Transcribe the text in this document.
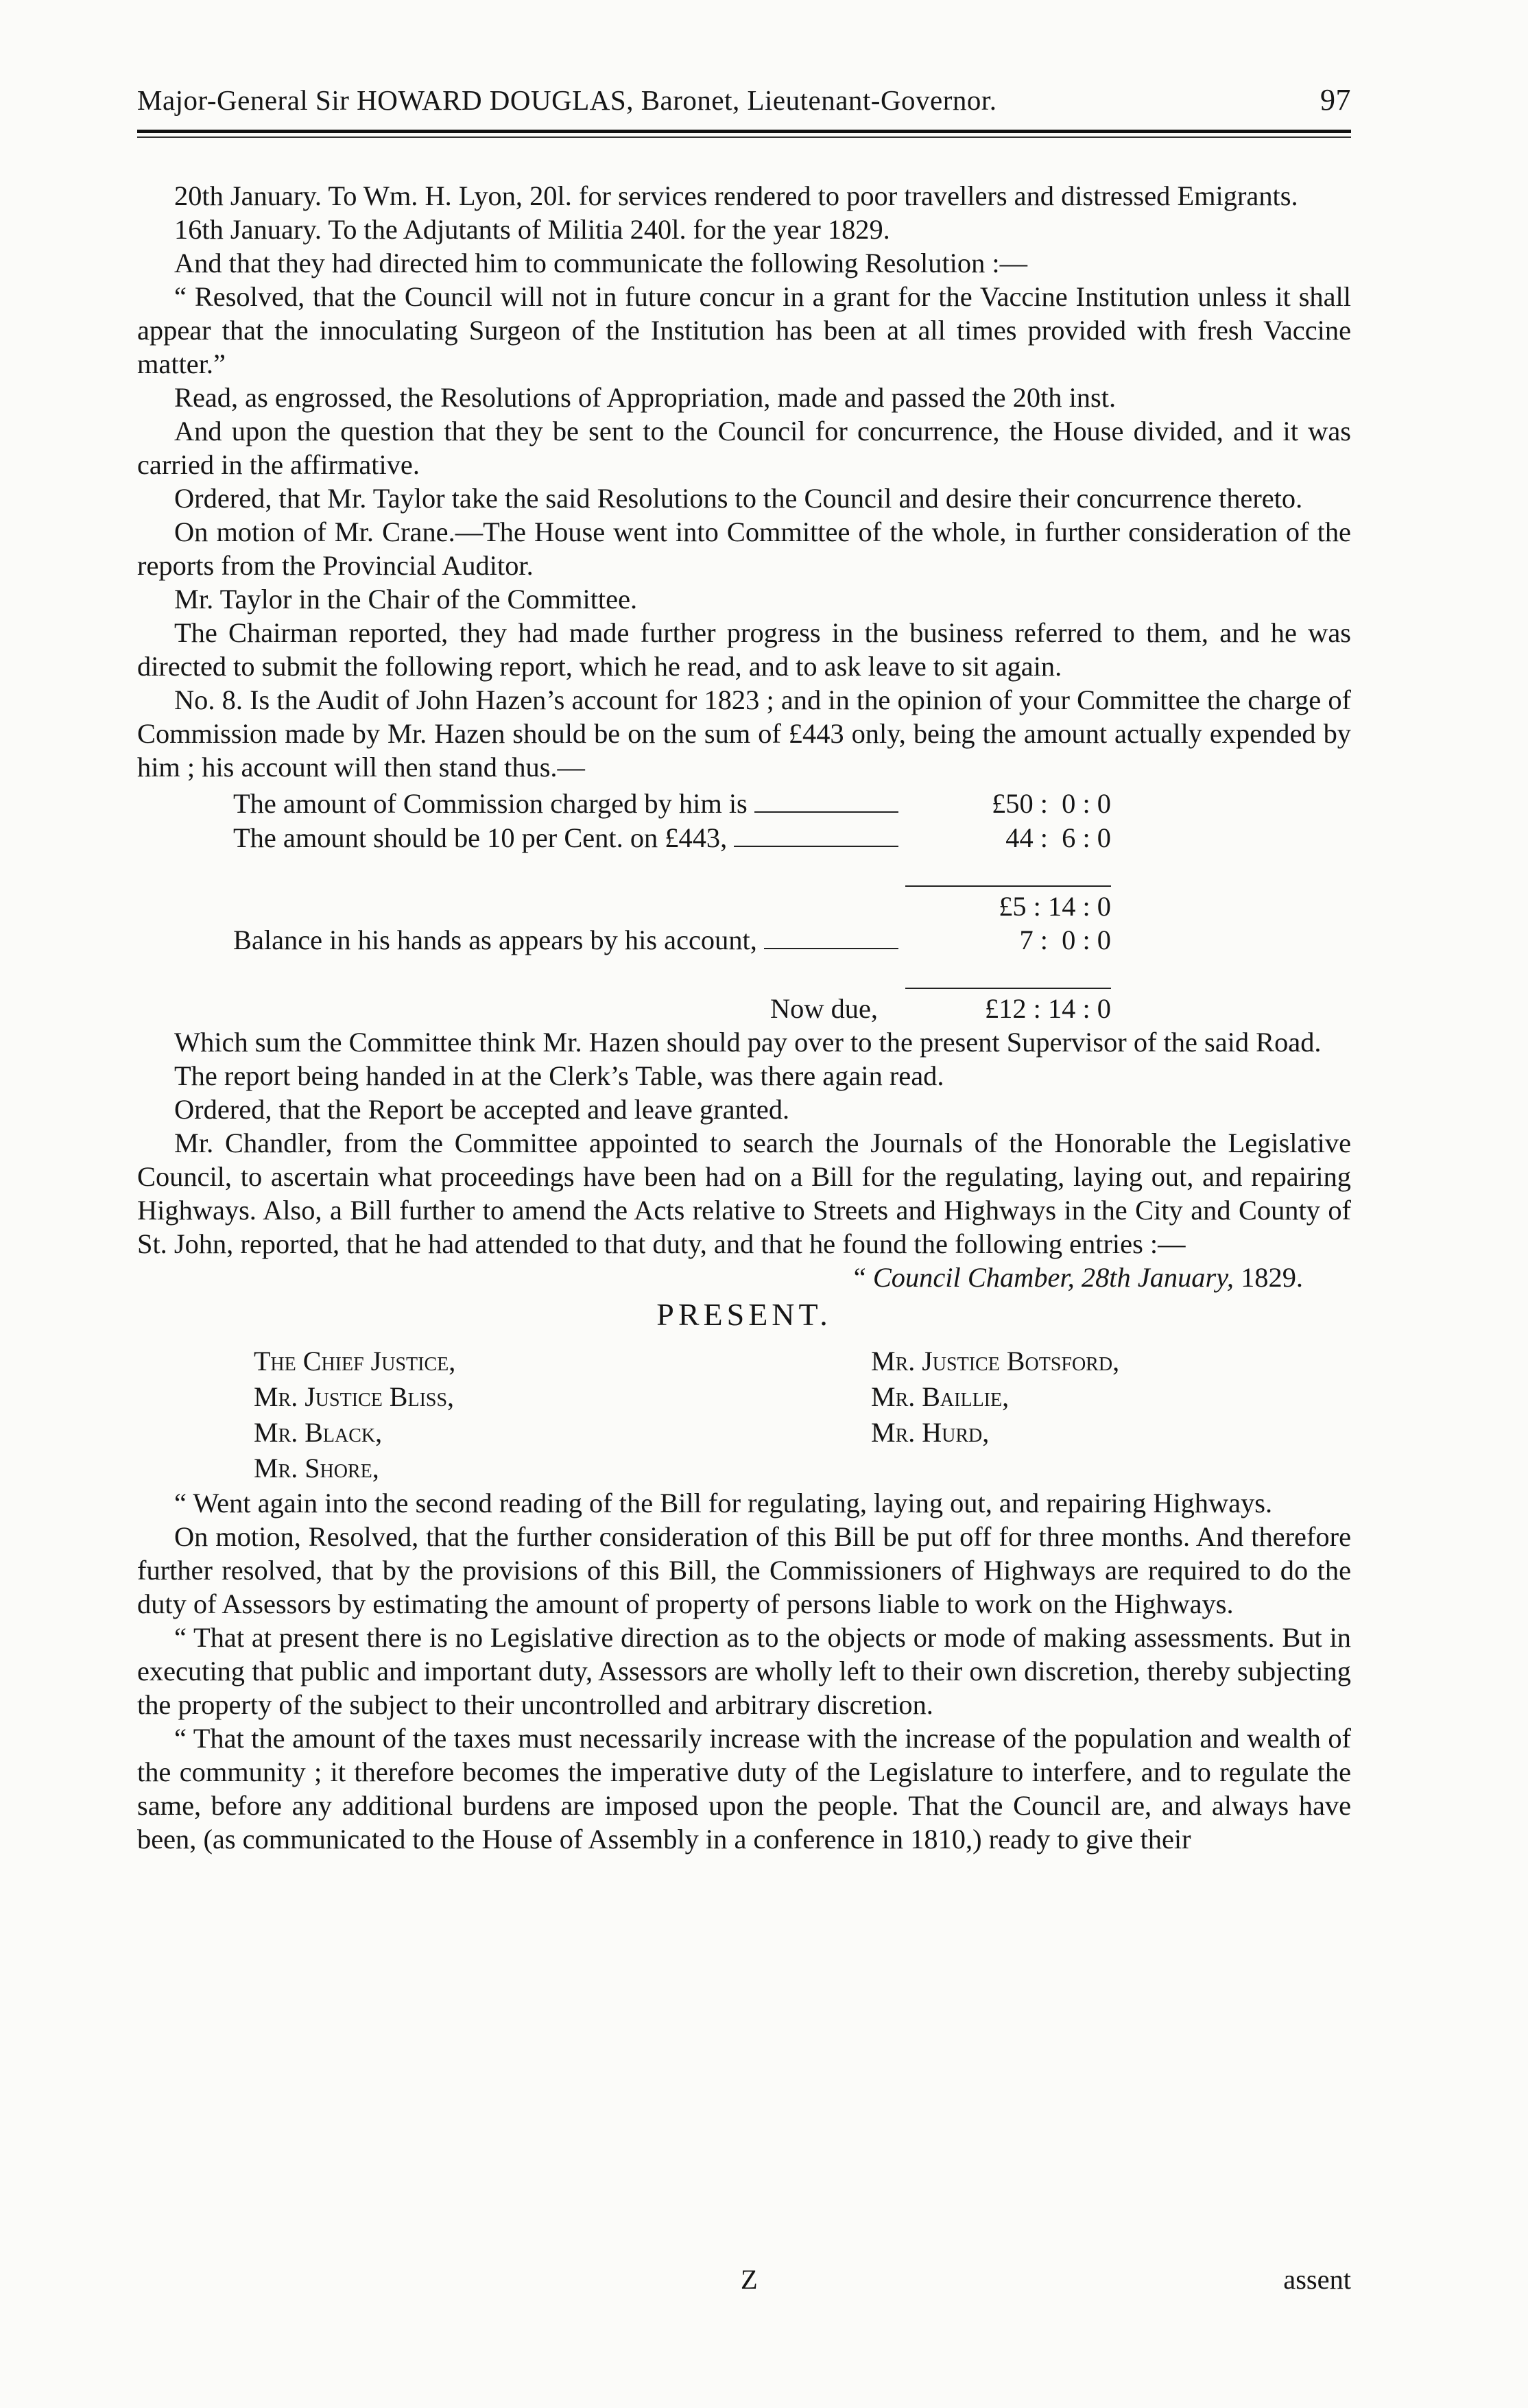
Major-General Sir HOWARD DOUGLAS, Baronet, Lieutenant-Governor.	97

20th January. To Wm. H. Lyon, 20l. for services rendered to poor travellers and distressed Emigrants.

16th January. To the Adjutants of Militia 240l. for the year 1829.

And that they had directed him to communicate the following Resolution :—

“ Resolved, that the Council will not in future concur in a grant for the Vaccine Institution unless it shall appear that the innoculating Surgeon of the Institution has been at all times provided with fresh Vaccine matter.”

Read, as engrossed, the Resolutions of Appropriation, made and passed the 20th inst.

And upon the question that they be sent to the Council for concurrence, the House divided, and it was carried in the affirmative.

Ordered, that Mr. Taylor take the said Resolutions to the Council and desire their concurrence thereto.

On motion of Mr. Crane.—The House went into Committee of the whole, in further consideration of the reports from the Provincial Auditor.

Mr. Taylor in the Chair of the Committee.

The Chairman reported, they had made further progress in the business referred to them, and he was directed to submit the following report, which he read, and to ask leave to sit again.

No. 8. Is the Audit of John Hazen’s account for 1823 ; and in the opinion of your Committee the charge of Commission made by Mr. Hazen should be on the sum of £443 only, being the amount actually expended by him ; his account will then stand thus.—

The amount of Commission charged by him is	£50 :  0 : 0
The amount should be 10 per Cent. on £443,	44 :  6 : 0
£5 : 14 : 0
Balance in his hands as appears by his account,	7 :  0 : 0
Now due,	£12 : 14 : 0

Which sum the Committee think Mr. Hazen should pay over to the present Supervisor of the said Road.

The report being handed in at the Clerk’s Table, was there again read.

Ordered, that the Report be accepted and leave granted.

Mr. Chandler, from the Committee appointed to search the Journals of the Honorable the Legislative Council, to ascertain what proceedings have been had on a Bill for the regulating, laying out, and repairing Highways. Also, a Bill further to amend the Acts relative to Streets and Highways in the City and County of St. John, reported, that he had attended to that duty, and that he found the following entries :—

“ Council Chamber, 28th January, 1829.
PRESENT.
The Chief Justice,	Mr. Justice Botsford,
Mr. Justice Bliss,	Mr. Baillie,
Mr. Black,	Mr. Hurd,
Mr. Shore,

“ Went again into the second reading of the Bill for regulating, laying out, and repairing Highways.

On motion, Resolved, that the further consideration of this Bill be put off for three months. And therefore further resolved, that by the provisions of this Bill, the Commissioners of Highways are required to do the duty of Assessors by estimating the amount of property of persons liable to work on the Highways.

“ That at present there is no Legislative direction as to the objects or mode of making assessments. But in executing that public and important duty, Assessors are wholly left to their own discretion, thereby subjecting the property of the subject to their uncontrolled and arbitrary discretion.

“ That the amount of the taxes must necessarily increase with the increase of the population and wealth of the community ; it therefore becomes the imperative duty of the Legislature to interfere, and to regulate the same, before any additional burdens are imposed upon the people. That the Council are, and always have been, (as communicated to the House of Assembly in a conference in 1810,) ready to give their

Z	assent
